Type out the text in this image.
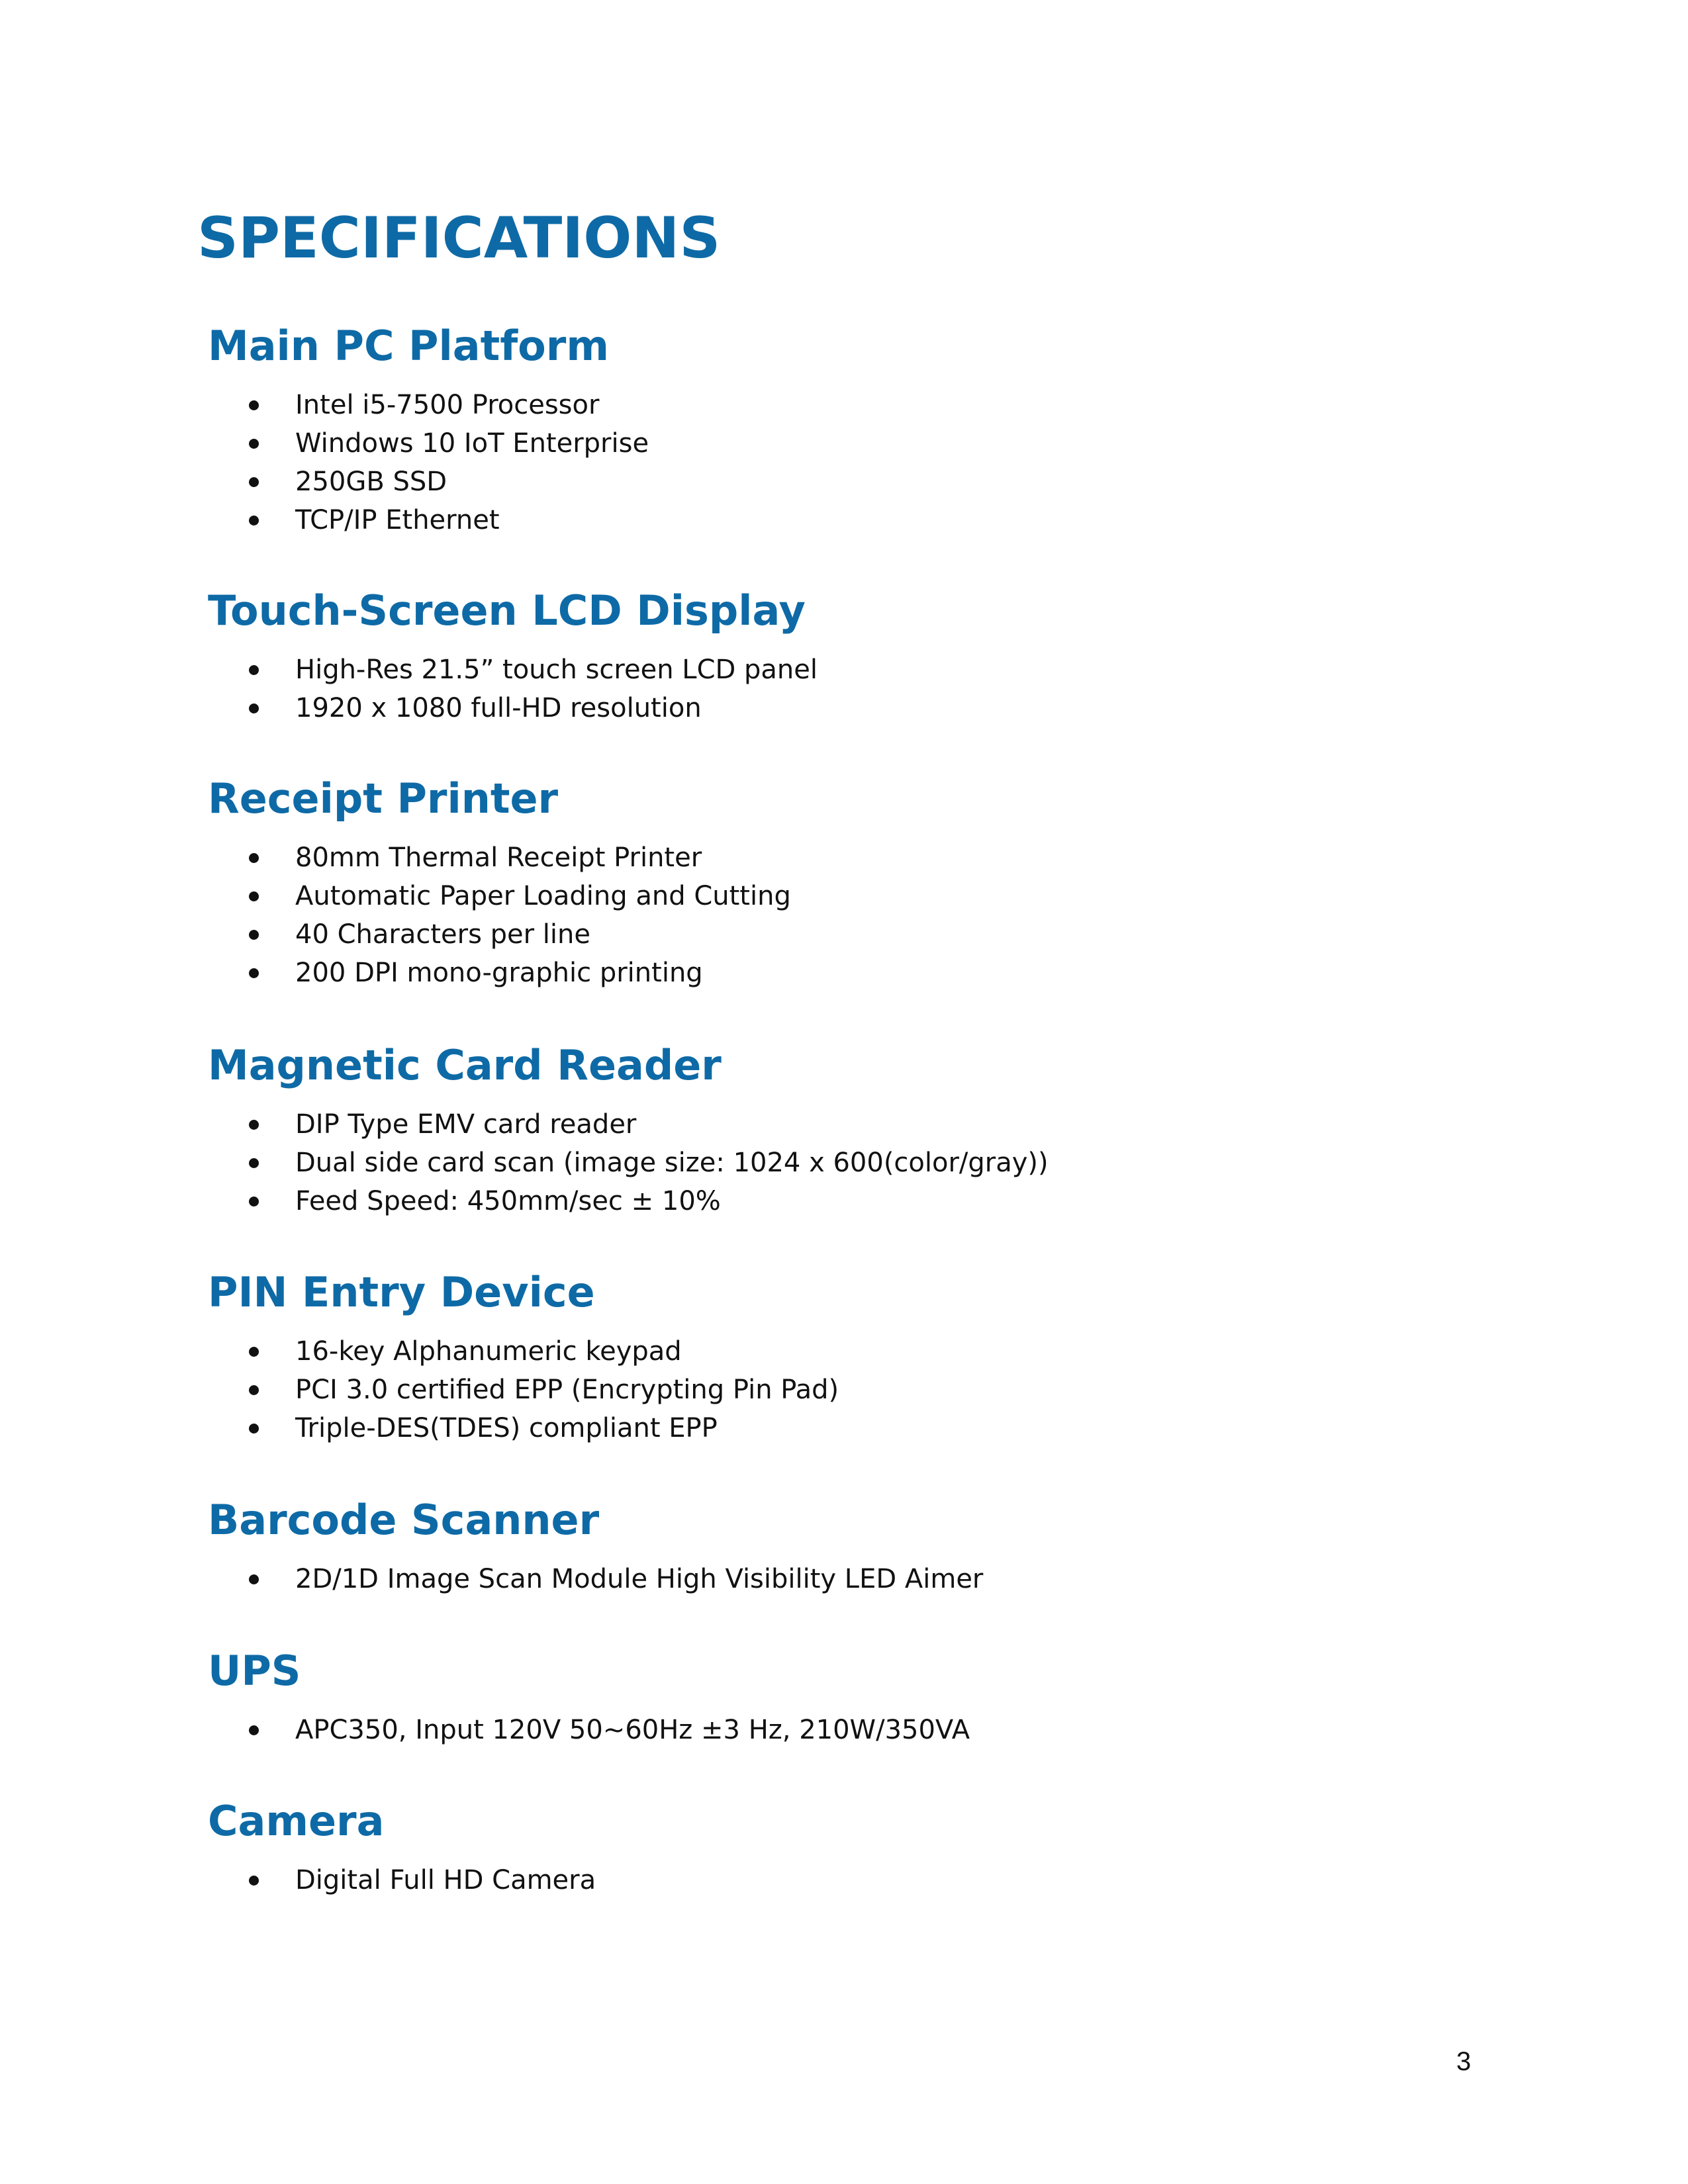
SPECIFICATIONS
Main PC Platform
Intel i5-7500 Processor
Windows 10 IoT Enterprise
250GB SSD
TCP/IP Ethernet
Touch-Screen LCD Display
High-Res 21.5” touch screen LCD panel
1920 x 1080 full-HD resolution
Receipt Printer
80mm Thermal Receipt Printer
Automatic Paper Loading and Cutting
40 Characters per line
200 DPI mono-graphic printing
Magnetic Card Reader
DIP Type EMV card reader
Dual side card scan (image size: 1024 x 600(color/gray))
Feed Speed: 450mm/sec ± 10%
PIN Entry Device
16-key Alphanumeric keypad
PCI 3.0 certified EPP (Encrypting Pin Pad)
Triple-DES(TDES) compliant EPP
Barcode Scanner
2D/1D Image Scan Module High Visibility LED Aimer
UPS
APC350, Input 120V 50~60Hz ±3 Hz, 210W/350VA
Camera
Digital Full HD Camera
3
